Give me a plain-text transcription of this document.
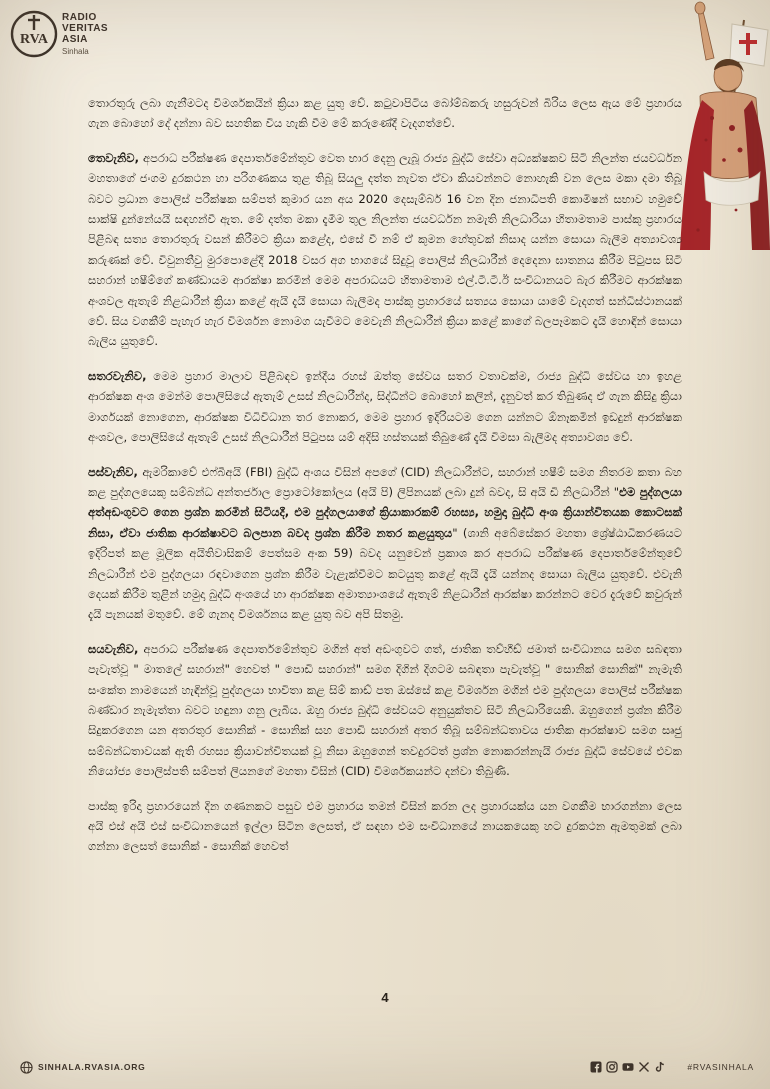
RVA
RADIO
VERITAS
ASIA
Sinhala

තොරතුරු ලබා ගැනීමටද විමර්ශකයින් ක්‍රියා කළ යුතු වේ. කටුවාපිටිය බෝම්බකරු හසුරුවන් බිරිය ලෙස ඇය මේ ප්‍රහාරය ගැන බොහෝ දේ දන්නා බව සහතික විය හැකි වීම මේ කරුණේදී වැදගත්වේ.

තෙවැනිව, අපරාධ පරීක්ෂණ දෙපාර්තමේන්තුව වෙත භාර දෙනු ලැබූ රාජ්‍ය බුද්ධි සේවා අධ්‍යක්ෂකව සිටි නිලන්ත ජයවර්ධන මහතාගේ ජංගම දුරකථන හා පරිගණකය තුළ තිබූ සියලු දත්ත නැවත ඒවා කියවන්නට නොහැකි වන ලෙස මකා දමා තිබූ බවට ප්‍රධාන පොලිස් පරීක්ෂක සම්පත් කුමාර යන අය 2020 දෙසැම්බර් 16 වන දින ජනාධිපති කොමිෂන් සභාව හමුවේ සාක්ෂි දුන්නේයයි සඳහන්වී ඇත. මේ දත්ත මකා දැමීම තුල නිලන්ත ජයවර්ධන නමැති නිලධාරියා හිතාමතාම පාස්කු ප්‍රහාරය පිළිබඳ සත්‍ය තොරතුරු වසන් කිරීමට ක්‍රියා කළේද, එසේ වී නම් ඒ කුමන හේතුවක් නිසාද යන්න සොයා බැලීම අත්‍යාවශ්‍ය කරුණක් වේ. විවුනතීවු මුරපොළේදී 2018 වසර අග භාගයේ සිදුවූ පොලිස් නිලධාරීන් දෙදෙනා ඝාතනය කිරීම පිටුපස සිටි සහරාන් හෂීම්ගේ කණ්ඩායම ආරක්ෂා කරමින් මෙම අපරාධයට හිතාමතාම එල්.ටී.ටී.ඊ සංවිධානයට බැර කිරීමට ආරක්ෂක අංශවල ඇතැම් නිළධාරීන් ක්‍රියා කළේ ඇයි දැයි සොයා බැලීමද පාස්කු ප්‍රහාරයේ සත්‍යය සොයා යාමේ වැදගත් සන්ධිස්ථානයක් වේ. සිය වගකීම් පැහැර හැර විමර්ශන නොමග යැවීමට මෙවැනි නිලධාරීන් ක්‍රියා කළේ කාගේ බලපෑමකට දැයි හොඳින් සොයා බැලිය යුතුවේ.

සතරවැනිව, මෙම ප්‍රහාර මාලාව පිළිබඳව ඉන්දීය රහස් ඔත්තු සේවය සතර වතාවක්ම, රාජ්‍ය බුද්ධි සේවය හා ඉහළ ආරක්ෂක අංශ මෙන්ම පොලිසියේ ඇතැම් උසස් නිලධාරීන්ද, සිද්ධීන්ට බොහෝ කලින්, දැනුවත් කර තිබුණද ඒ ගැන කිසිදු ක්‍රියා මාර්ගයක් නොගෙන, ආරක්ෂක විධිවිධාන තර නොකර, මෙම ප්‍රහාර ඉදිරියටම ගෙන යන්නට ඕනෑකමින් ඉඩදුන් ආරක්ෂක අංශවල, පොලිසියේ ඇතැම් උසස් නිලධාරීන් පිටුපස යම් අදිසි හස්තයක් තිබුණේ දැයි විමසා බැලීමද අත්‍යාවශ්‍ය වේ.

පස්වැනිව, ඇමරිකාවේ එෆ්බීඅයි (FBI) බුද්ධි අංශය විසින් අපගේ (CID) නිලධාරීන්ට, සහරාන් හෂීම් සමග නිතරම කතා බහ කළ පුද්ගලයෙකු සම්බන්ධ අන්තර්ජාල ප්‍රොටෝකෝලය (අයි පි) ලිපිනයක් ලබා දුන් බවද, සි අයි ඩි නිලධාරීන් "එම පුද්ගලයා අත්අඩංගුවට ගෙන ප්‍රශ්න කරමින් සිටියදී, එම පුද්ගලයාගේ ක්‍රියාකාරකම් රහස්‍ය, හමුදා බුද්ධි අංශ ක්‍රියාන්විතයක කොටසක් නිසා, ඒවා ජාතික ආරක්ෂාවට බලපාන බවද ප්‍රශ්න කිරීම නතර කළයුතුය" (ශානි අබේසේකර මහතා ශ්‍රේෂ්ඨාධිකරණයට ඉදිරිපත් කළ මූලික අයිතිවාසිකම් පෙත්සම අංක 59) බවද යනුවෙන් ප්‍රකාශ කර අපරාධ පරීක්ෂණ දෙපාර්තමේන්තුවේ නිලධාරීන් එම පුද්ගලයා රඳවාගෙන ප්‍රශ්න කිරීම වැළැක්වීමට කටයුතු කළේ ඇයි දැයි යන්නද සොයා බැලිය යුතුවේ. එවැනි දෙයක් කිරීම තුළින් හමුදා බුද්ධි අංශයේ හා ආරක්ෂක අමාත්‍යාංශයේ ඇතැම් නිළධාරීන් ආරක්ෂා කරන්නට වෙර දැරුවේ කවුරුන් දැයි පැනයක් මතුවේ. මේ ගැනද විමර්ශනය කළ යුතු බව අපි සිතමු.

සයවැනිව, අපරාධ පරීක්ෂණ දෙපාර්තමේන්තුව මගින් අත් අඩංගුවට ගත්, ජාතික තව්හීඩ් ජමාත් සංවිධානය සමග සබඳතා පැවැත්වූ " මාතලේ සහරාන්" හෙවත් " පොඩි සහරාන්" සමග දිගින් දිගටම සබඳතා පැවැත්වූ " සොනික් සොනික්" නැමැති සංකේත නාමයෙන් හැඳින්වූ පුද්ගලයා භාවිතා කළ සිම් කාඩ් පත ඔස්සේ කළ විමර්ශන මගින් එම පුද්ගලයා පොලිස් පරීක්ෂක බණ්ඩාර නැමැත්තා බවට හඳුනා ගනු ලැබීය. ඔහු රාජ්‍ය බුද්ධි සේවයට අනුයුක්තව සිටි නිලධාරියෙකි. ඔහුගෙන් ප්‍රශ්න කිරීම සිදුකරගෙන යන අතරතුර සොනික් - සොනික් සහ පොඩි සහරාන් අතර තිබූ සම්බන්ධතාවය ජාතික ආරක්ෂාව සමග සෘජු සම්බන්ධතාවයක් ඇති රහස්‍ය ක්‍රියාවන්විතයක් වූ නිසා ඔහුගෙන් තවදුරටත් ප්‍රශ්න නොකරන්නැයි රාජ්‍ය බුද්ධි සේවයේ එවක නියෝජ්‍ය පොලිස්පති සම්පත් ලියනගේ මහතා විසින් (CID) විමර්ශකයන්ට දන්වා තිබුණි.

පාස්කු ඉරිදා ප්‍රහාරයෙන් දින ගණනකට පසුව එම ප්‍රහාරය තමන් විසින් කරන ලද ප්‍රහාරයක්ය යන වගකීම භාරගන්නා ලෙස අයි එස් අයි එස් සංවිධානයෙන් ඉල්ලා සිටින ලෙසත්, ඒ සඳහා එම සංවිධානයේ නායකයෙකු හට දුරකථන ඇමතුමක් ලබා ගන්නා ලෙසත් සොනික් - සොනික් හෙවත්

4
SINHALA.RVASIA.ORG	#RVASINHALA
